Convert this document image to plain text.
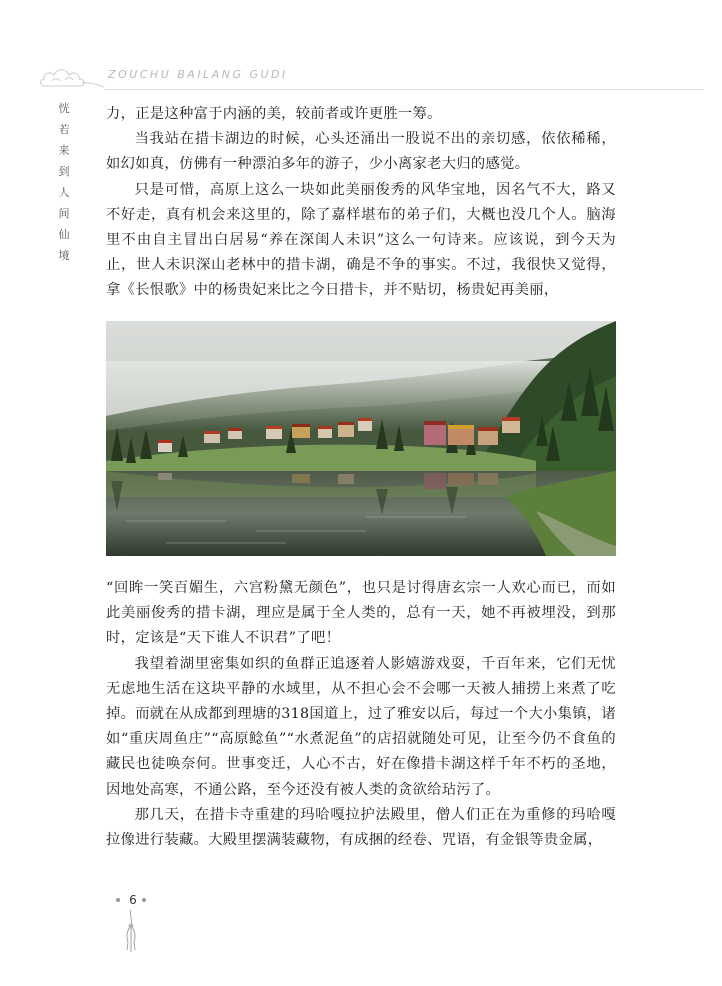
ZOUCHU BAILANG GUDI
恍若来到人间仙境

力，正是这种富于内涵的美，较前者或许更胜一筹。

当我站在措卡湖边的时候，心头还涌出一股说不出的亲切感，依依稀稀，如幻如真，仿佛有一种漂泊多年的游子，少小离家老大归的感觉。

只是可惜，高原上这么一块如此美丽俊秀的风华宝地，因名气不大，路又不好走，真有机会来这里的，除了嘉样堪布的弟子们，大概也没几个人。脑海里不由自主冒出白居易“养在深闺人未识”这么一句诗来。应该说，到今天为止，世人未识深山老林中的措卡湖，确是不争的事实。不过，我很快又觉得，拿《长恨歌》中的杨贵妃来比之今日措卡，并不贴切，杨贵妃再美丽，

“回眸一笑百媚生，六宫粉黛无颜色”，也只是讨得唐玄宗一人欢心而已，而如此美丽俊秀的措卡湖，理应是属于全人类的，总有一天，她不再被埋没，到那时，定该是“天下谁人不识君”了吧！

我望着湖里密集如织的鱼群正追逐着人影嬉游戏耍，千百年来，它们无忧无虑地生活在这块平静的水域里，从不担心会不会哪一天被人捕捞上来煮了吃掉。而就在从成都到理塘的318国道上，过了雅安以后，每过一个大小集镇，诸如“重庆周鱼庄”“高原鲶鱼”“水煮泥鱼”的店招就随处可见，让至今仍不食鱼的藏民也徒唤奈何。世事变迁，人心不古，好在像措卡湖这样千年不朽的圣地，因地处高寒，不通公路，至今还没有被人类的贪欲给玷污了。

那几天，在措卡寺重建的玛哈嘎拉护法殿里，僧人们正在为重修的玛哈嘎拉像进行装藏。大殿里摆满装藏物，有成捆的经卷、咒语，有金银等贵金属，

6
